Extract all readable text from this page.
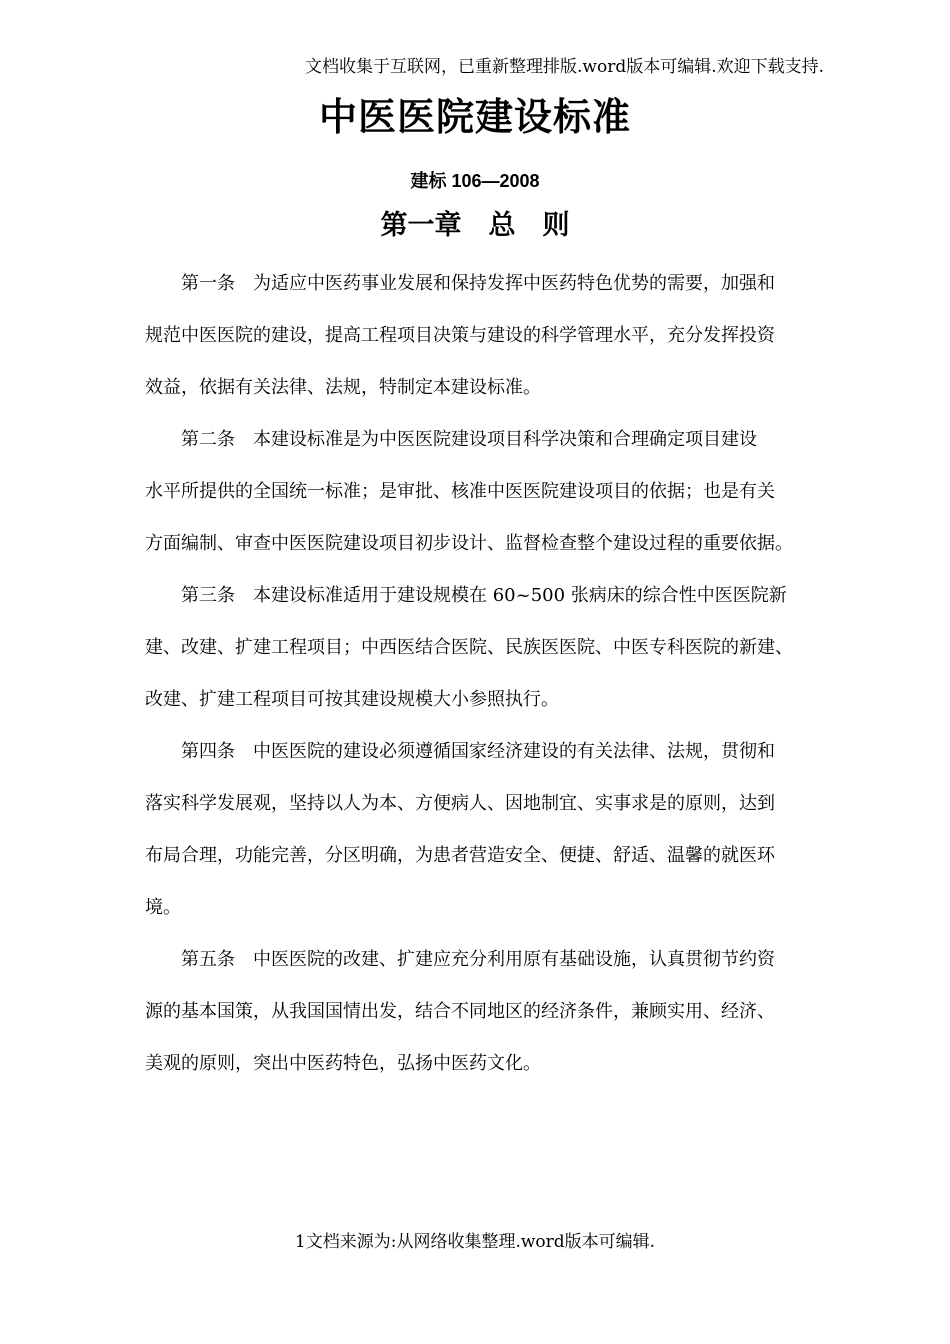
文档收集于互联网，已重新整理排版.word版本可编辑.欢迎下载支持.
中医医院建设标准
建标 106—2008
第一章　总　则
第一条 为适应中医药事业发展和保持发挥中医药特色优势的需要，加强和
规范中医医院的建设，提高工程项目决策与建设的科学管理水平，充分发挥投资
效益，依据有关法律、法规，特制定本建设标准。
第二条 本建设标准是为中医医院建设项目科学决策和合理确定项目建设
水平所提供的全国统一标准；是审批、核准中医医院建设项目的依据；也是有关
方面编制、审查中医医院建设项目初步设计、监督检查整个建设过程的重要依据。
第三条 本建设标准适用于建设规模在 60~500 张病床的综合性中医医院新
建、改建、扩建工程项目；中西医结合医院、民族医医院、中医专科医院的新建、
改建、扩建工程项目可按其建设规模大小参照执行。
第四条 中医医院的建设必须遵循国家经济建设的有关法律、法规，贯彻和
落实科学发展观，坚持以人为本、方便病人、因地制宜、实事求是的原则，达到
布局合理，功能完善，分区明确，为患者营造安全、便捷、舒适、温馨的就医环
境。
第五条 中医医院的改建、扩建应充分利用原有基础设施，认真贯彻节约资
源的基本国策，从我国国情出发，结合不同地区的经济条件，兼顾实用、经济、
美观的原则，突出中医药特色，弘扬中医药文化。
1文档来源为:从网络收集整理.word版本可编辑.
